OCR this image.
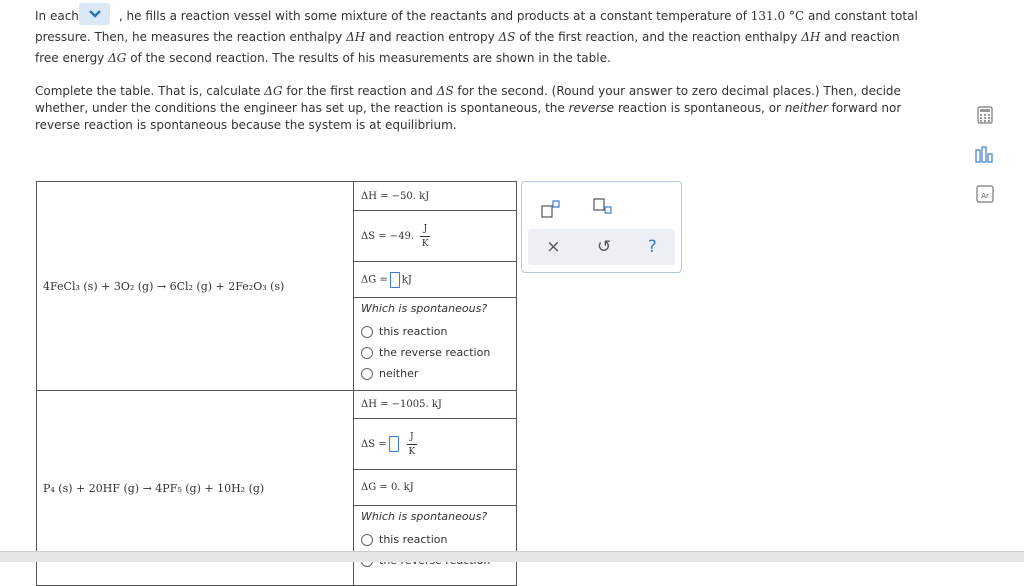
In each	, he fills a reaction vessel with some mixture of the reactants and products at a constant temperature of 131.0 °C and constant total

pressure. Then, he measures the reaction enthalpy ΔH and reaction entropy ΔS of the first reaction, and the reaction enthalpy ΔH and reaction

free energy ΔG of the second reaction. The results of his measurements are shown in the table.

Complete the table. That is, calculate ΔG for the first reaction and ΔS for the second. (Round your answer to zero decimal places.) Then, decide

whether, under the conditions the engineer has set up, the reaction is spontaneous, the reverse reaction is spontaneous, or neither forward nor

reverse reaction is spontaneous because the system is at equilibrium.

4FeCl₃ (s) + 3O₂ (g) → 6Cl₂ (g) + 2Fe₂O₃ (s)	ΔH = −50. kJ
	ΔS = −49. $\frac{J}{K}$

	ΔG = kJ

	Which is spontaneous?
this reaction
the reverse reaction
neither

P₄ (s) + 20HF (g) → 4PF₅ (g) + 10H₂ (g)	ΔH = −1005. kJ
	$\Delta S = \frac{J}{K}$

	ΔG = 0. kJ

	Which is spontaneous?
this reaction
× ↺ ?
Ar
